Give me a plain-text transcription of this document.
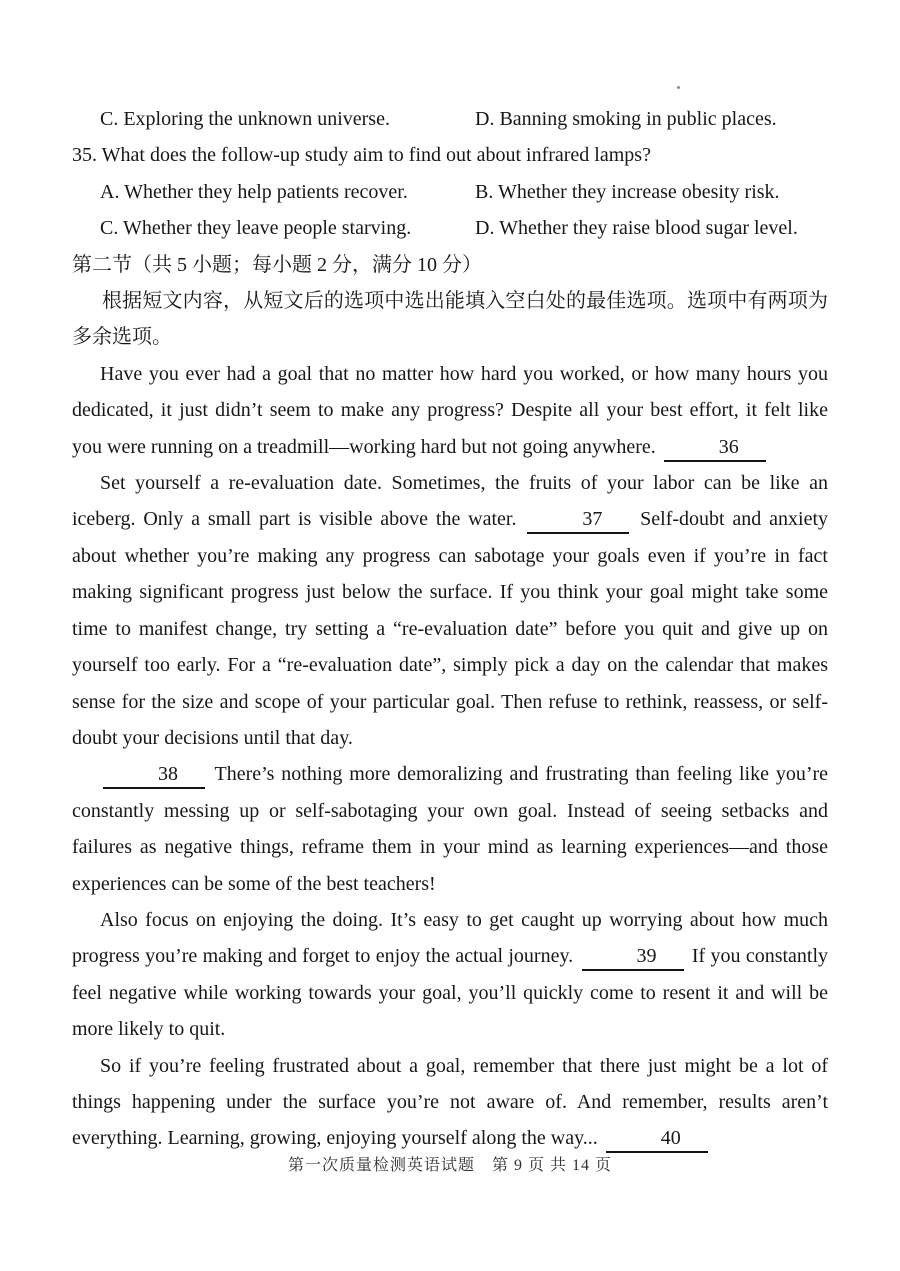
C. Exploring the unknown universe.	D. Banning smoking in public places.
35. What does the follow-up study aim to find out about infrared lamps?
A. Whether they help patients recover.	B. Whether they increase obesity risk.
C. Whether they leave people starving.	D. Whether they raise blood sugar level.
第二节（共 5 小题；每小题 2 分，满分 10 分）

根据短文内容，从短文后的选项中选出能填入空白处的最佳选项。选项中有两项为多余选项。

Have you ever had a goal that no matter how hard you worked, or how many hours you dedicated, it just didn’t seem to make any progress? Despite all your best effort, it felt like you were running on a treadmill—working hard but not going anywhere.	36

Set yourself a re-evaluation date. Sometimes, the fruits of your labor can be like an iceberg. Only a small part is visible above the water.	37 Self-doubt and anxiety about whether you’re making any progress can sabotage your goals even if you’re in fact making significant progress just below the surface. If you think your goal might take some time to manifest change, try setting a “re-evaluation date” before you quit and give up on yourself too early. For a “re-evaluation date”, simply pick a day on the calendar that makes sense for the size and scope of your particular goal. Then refuse to rethink, reassess, or self-doubt your decisions until that day.

38 There’s nothing more demoralizing and frustrating than feeling like you’re constantly messing up or self-sabotaging your own goal. Instead of seeing setbacks and failures as negative things, reframe them in your mind as learning experiences—and those experiences can be some of the best teachers!

Also focus on enjoying the doing. It’s easy to get caught up worrying about how much progress you’re making and forget to enjoy the actual journey.	39 If you constantly feel negative while working towards your goal, you’ll quickly come to resent it and will be more likely to quit.

So if you’re feeling frustrated about a goal, remember that there just might be a lot of things happening under the surface you’re not aware of. And remember, results aren’t everything. Learning, growing, enjoying yourself along the way...	40

第一次质量检测英语试题　第 9 页 共 14 页
